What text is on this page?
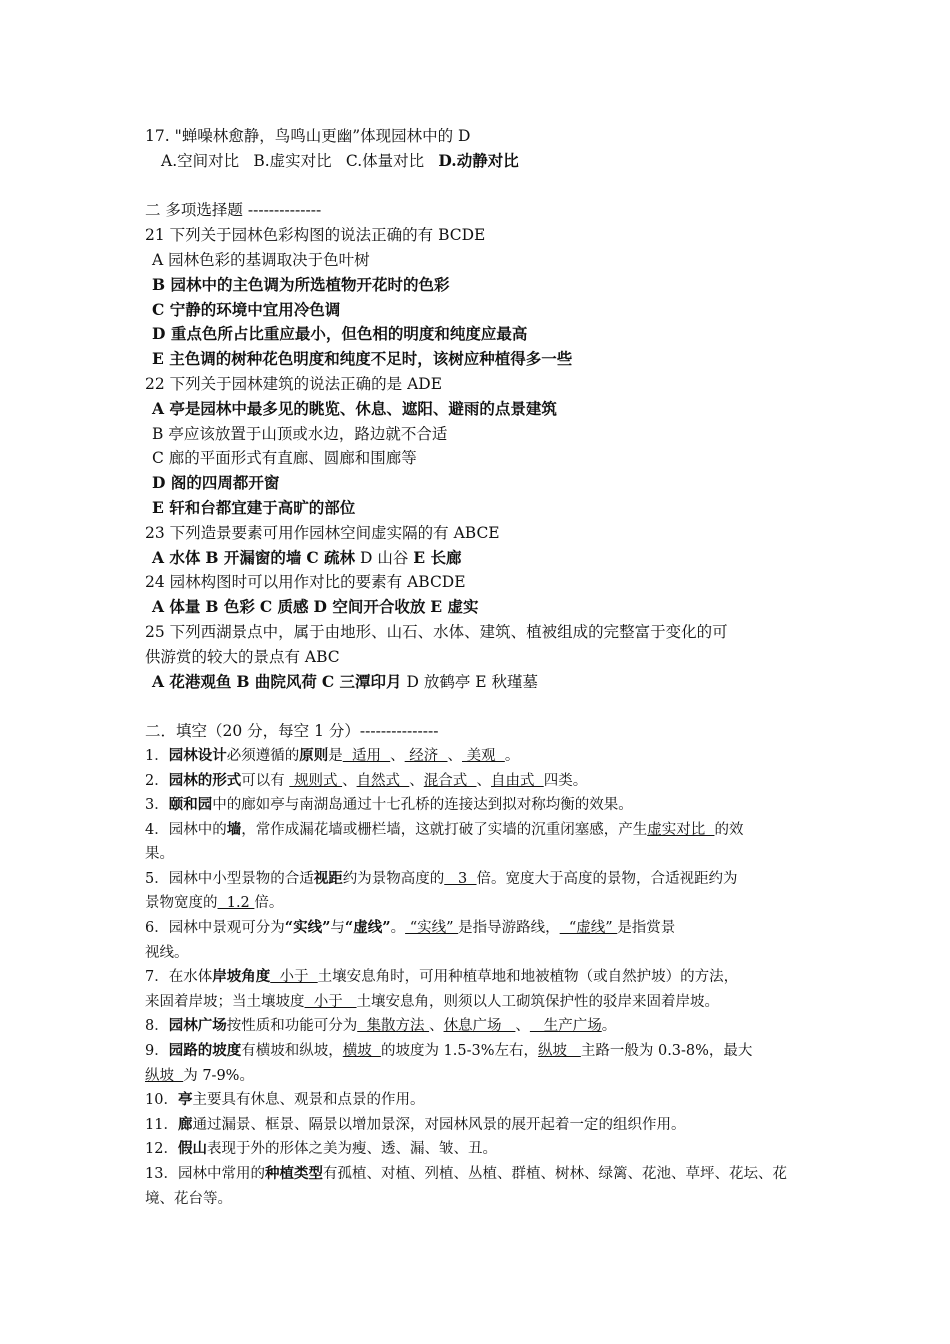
17. "蝉噪林愈静，鸟鸣山更幽”体现园林中的 D
A.空间对比 B.虚实对比 C.体量对比 D.动静对比
二 多项选择题 --------------
21 下列关于园林色彩构图的说法正确的有 BCDE
A 园林色彩的基调取决于色叶树
B 园林中的主色调为所选植物开花时的色彩
C 宁静的环境中宜用冷色调
D 重点色所占比重应最小，但色相的明度和纯度应最高
E 主色调的树种花色明度和纯度不足时，该树应种植得多一些
22 下列关于园林建筑的说法正确的是 ADE
A 亭是园林中最多见的眺览、休息、遮阳、避雨的点景建筑
B 亭应该放置于山顶或水边，路边就不合适
C 廊的平面形式有直廊、圆廊和围廊等
D 阁的四周都开窗
E 轩和台都宜建于高旷的部位
23 下列造景要素可用作园林空间虚实隔的有 ABCE
A 水体 B 开漏窗的墙 C 疏林 D 山谷 E 长廊
24 园林构图时可以用作对比的要素有 ABCDE
A 体量 B 色彩 C 质感 D 空间开合收放 E 虚实
25 下列西湖景点中，属于由地形、山石、水体、建筑、植被组成的完整富于变化的可
供游赏的较大的景点有 ABC
A 花港观鱼 B 曲院风荷 C 三潭印月 D 放鹤亭 E 秋瑾墓
二．填空（20 分，每空 1 分）---------------
1．园林设计必须遵循的原则是  适用  、 经济  、 美观  。
2．园林的形式可以有  规则式 、自然式  、混合式  、自由式  四类。
3．颐和园中的廊如亭与南湖岛通过十七孔桥的连接达到拟对称均衡的效果。
4．园林中的墙，常作成漏花墙或栅栏墙，这就打破了实墙的沉重闭塞感，产生虚实对比  的效
果。
5．园林中小型景物的合适视距约为景物高度的   3  倍。宽度大于高度的景物，合适视距约为
景物宽度的  1.2 倍。
6．园林中景观可分为“实线”与“虚线”。 “实线” 是指导游路线，  “虚线” 是指赏景
视线。
7．在水体岸坡角度  小于  土壤安息角时，可用种植草地和地被植物（或自然护坡）的方法，
来固着岸坡；当土壤坡度  小于   土壤安息角，则须以人工砌筑保护性的驳岸来固着岸坡。
8．园林广场按性质和功能可分为  集散方法 、休息广场   、   生产广场。
9．园路的坡度有横坡和纵坡，横坡  的坡度为 1.5-3%左右，纵坡   主路一般为 0.3-8%，最大
纵坡  为 7-9%。
10．亭主要具有休息、观景和点景的作用。
11．廊通过漏景、框景、隔景以增加景深，对园林风景的展开起着一定的组织作用。
12．假山表现于外的形体之美为瘦、透、漏、皱、丑。
13．园林中常用的种植类型有孤植、对植、列植、丛植、群植、树林、绿篱、花池、草坪、花坛、花
境、花台等。
